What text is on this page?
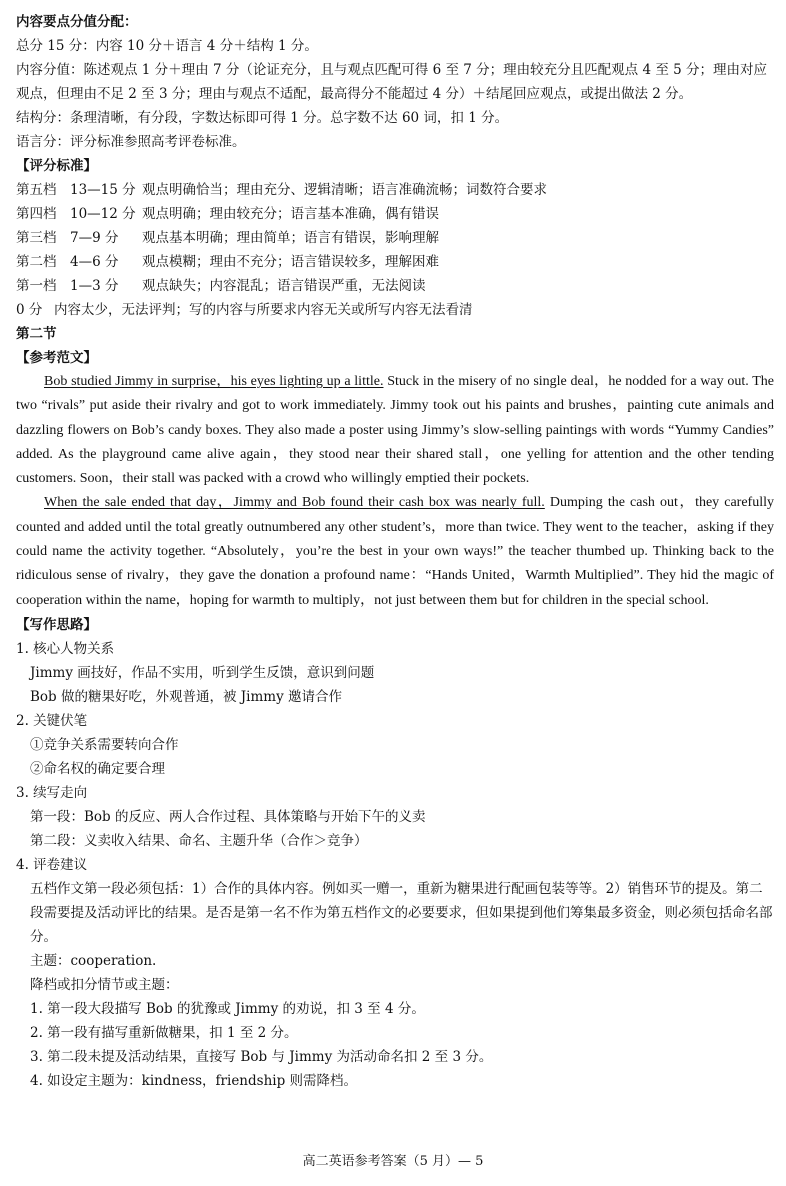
内容要点分值分配：
总分 15 分：内容 10 分＋语言 4 分＋结构 1 分。
内容分值：陈述观点 1 分＋理由 7 分（论证充分，且与观点匹配可得 6 至 7 分；理由较充分且匹配观点 4 至 5 分；理由对应观点，但理由不足 2 至 3 分；理由与观点不适配，最高得分不能超过 4 分）＋结尾回应观点，或提出做法 2 分。
结构分：条理清晰，有分段，字数达标即可得 1 分。总字数不达 60 词，扣 1 分。
语言分：评分标准参照高考评卷标准。
【评分标准】
第五档 13—15 分 观点明确恰当；理由充分、逻辑清晰；语言准确流畅；词数符合要求
第四档 10—12 分 观点明确；理由较充分；语言基本准确，偶有错误
第三档 7—9 分 观点基本明确；理由简单；语言有错误，影响理解
第二档 4—6 分 观点模糊；理由不充分；语言错误较多，理解困难
第一档 1—3 分 观点缺失；内容混乱；语言错误严重，无法阅读
0 分 内容太少，无法评判；写的内容与所要求内容无关或所写内容无法看清
第二节
【参考范文】

Bob studied Jimmy in surprise，his eyes lighting up a little. Stuck in the misery of no single deal，he nodded for a way out. The two “rivals” put aside their rivalry and got to work immediately. Jimmy took out his paints and brushes，painting cute animals and dazzling flowers on Bob’s candy boxes. They also made a poster using Jimmy’s slow-selling paintings with words “Yummy Candies” added. As the playground came alive again，they stood near their shared stall，one yelling for attention and the other tending customers. Soon，their stall was packed with a crowd who willingly emptied their pockets.

When the sale ended that day，Jimmy and Bob found their cash box was nearly full. Dumping the cash out，they carefully counted and added until the total greatly outnumbered any other student’s，more than twice. They went to the teacher，asking if they could name the activity together. “Absolutely，you’re the best in your own ways!” the teacher thumbed up. Thinking back to the ridiculous sense of rivalry，they gave the donation a profound name：“Hands United，Warmth Multiplied”. They hid the magic of cooperation within the name，hoping for warmth to multiply，not just between them but for children in the special school.

【写作思路】
1. 核心人物关系
Jimmy 画技好，作品不实用，听到学生反馈，意识到问题
Bob 做的糖果好吃，外观普通，被 Jimmy 邀请合作
2. 关键伏笔
①竞争关系需要转向合作
②命名权的确定要合理
3. 续写走向
第一段：Bob 的反应、两人合作过程、具体策略与开始下午的义卖
第二段：义卖收入结果、命名、主题升华（合作＞竞争）
4. 评卷建议
五档作文第一段必须包括：1）合作的具体内容。例如买一赠一，重新为糖果进行配画包装等等。2）销售环节的提及。第二段需要提及活动评比的结果。是否是第一名不作为第五档作文的必要要求，但如果提到他们筹集最多资金，则必须包括命名部分。
主题：cooperation.
降档或扣分情节或主题：
1. 第一段大段描写 Bob 的犹豫或 Jimmy 的劝说，扣 3 至 4 分。
2. 第一段有描写重新做糖果，扣 1 至 2 分。
3. 第二段未提及活动结果，直接写 Bob 与 Jimmy 为活动命名扣 2 至 3 分。
4. 如设定主题为：kindness，friendship 则需降档。
高二英语参考答案（5 月）— 5
